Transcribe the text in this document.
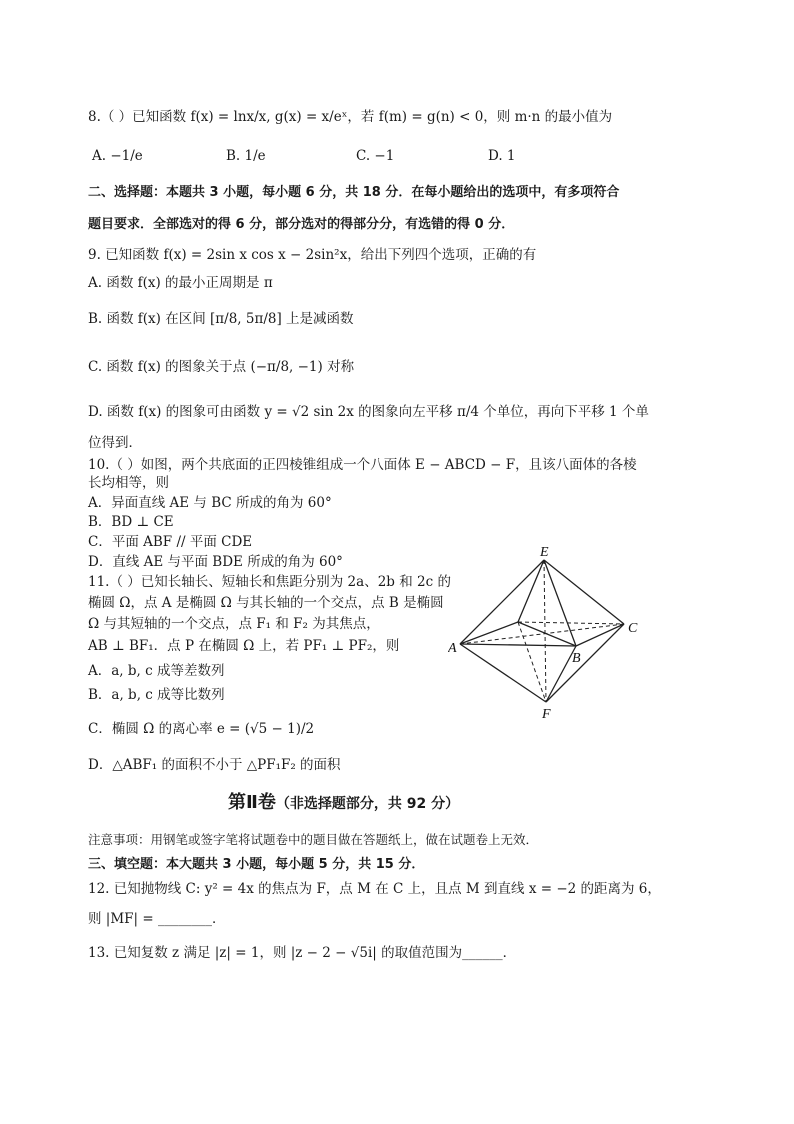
8.（ ）已知函数 f(x) = lnx/x, g(x) = x/eˣ，若 f(m) = g(n) < 0，则 m·n 的最小值为
A. −1/e	B. 1/e	C. −1	D. 1
二、选择题：本题共 3 小题，每小题 6 分，共 18 分．在每小题给出的选项中，有多项符合
题目要求．全部选对的得 6 分，部分选对的得部分分，有选错的得 0 分．
9. 已知函数 f(x) = 2sin x cos x − 2sin²x，给出下列四个选项，正确的有
A. 函数 f(x) 的最小正周期是 π
B. 函数 f(x) 在区间 [π/8, 5π/8] 上是减函数
C. 函数 f(x) 的图象关于点 (−π/8, −1) 对称
D. 函数 f(x) 的图象可由函数 y = √2 sin 2x 的图象向左平移 π/4 个单位，再向下平移 1 个单
位得到．
10.（ ）如图，两个共底面的正四棱锥组成一个八面体 E − ABCD − F，且该八面体的各棱
长均相等，则
A．异面直线 AE 与 BC 所成的角为 60°
B．BD ⊥ CE
C．平面 ABF // 平面 CDE
D．直线 AE 与平面 BDE 所成的角为 60°
11.（ ）已知长轴长、短轴长和焦距分别为 2a、2b 和 2c 的
椭圆 Ω，点 A 是椭圆 Ω 与其长轴的一个交点，点 B 是椭圆
Ω 与其短轴的一个交点，点 F₁ 和 F₂ 为其焦点，
AB ⊥ BF₁．点 P 在椭圆 Ω 上，若 PF₁ ⊥ PF₂，则
A．a, b, c 成等差数列
B．a, b, c 成等比数列
C．椭圆 Ω 的离心率 e = (√5 − 1)/2
D．△ABF₁ 的面积不小于 △PF₁F₂ 的面积
E
A
B
C
F
第Ⅱ卷（非选择题部分，共 92 分）
注意事项：用钢笔或签字笔将试题卷中的题目做在答题纸上，做在试题卷上无效．
三、填空题：本大题共 3 小题，每小题 5 分，共 15 分．
12. 已知抛物线 C: y² = 4x 的焦点为 F，点 M 在 C 上，且点 M 到直线 x = −2 的距离为 6，
则 |MF| = ________．
13. 已知复数 z 满足 |z| = 1，则 |z − 2 − √5i| 的取值范围为______．
